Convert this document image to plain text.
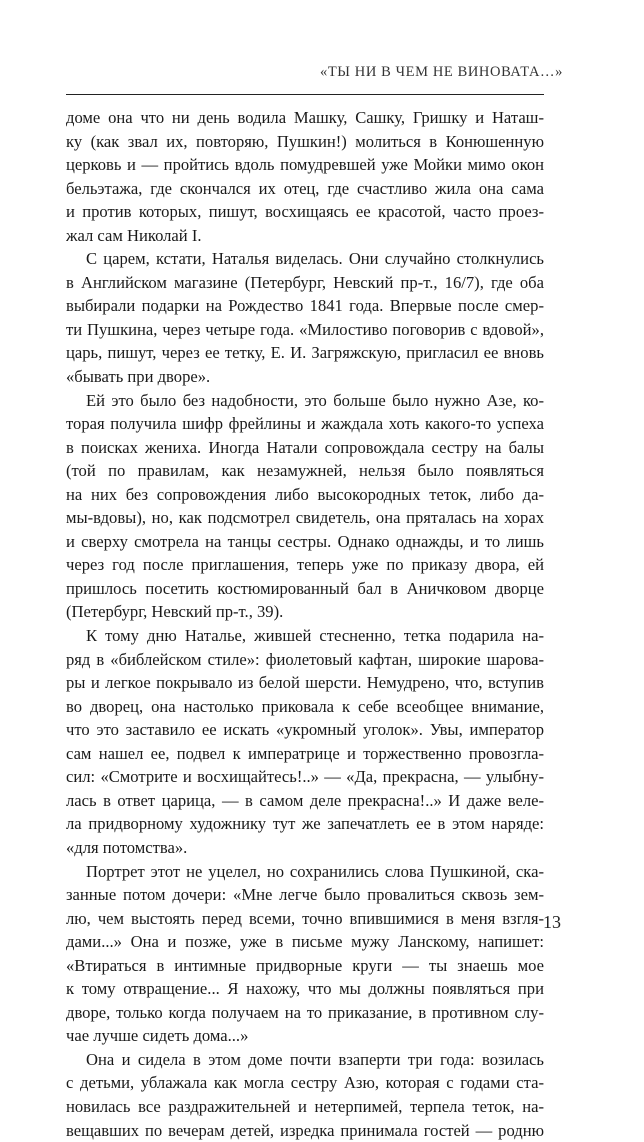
«ТЫ НИ В ЧЕМ НЕ ВИНОВАТА…»
доме она что ни день водила Машку, Сашку, Гришку и Наташ-
ку (как звал их, повторяю, Пушкин!) молиться в Конюшенную
церковь и — пройтись вдоль помудревшей уже Мойки мимо окон
бельэтажа, где скончался их отец, где счастливо жила она сама
и против которых, пишут, восхищаясь ее красотой, часто проез-
жал сам Николай I.
С царем, кстати, Наталья виделась. Они случайно столкнулись
в Английском магазине (Петербург, Невский пр-т., 16/7), где оба
выбирали подарки на Рождество 1841 года. Впервые после смер-
ти Пушкина, через четыре года. «Милостиво поговорив с вдовой»,
царь, пишут, через ее тетку, Е. И. Загряжскую, пригласил ее вновь
«бывать при дворе».
Ей это было без надобности, это больше было нужно Азе, ко-
торая получила шифр фрейлины и жаждала хоть какого-то успеха
в поисках женихa. Иногда Натали сопровождала сестру на балы
(той по правилам, как незамужней, нельзя было появляться
на них без сопровождения либо высокородных теток, либо да-
мы-вдовы), но, как подсмотрел свидетель, она пряталась на хорах
и сверху смотрела на танцы сестры. Однако однажды, и то лишь
через год после приглашения, теперь уже по приказу двора, ей
пришлось посетить костюмированный бал в Аничковом дворце
(Петербург, Невский пр-т., 39).
К тому дню Наталье, жившей стесненно, тетка подарила на-
ряд в «библейском стиле»: фиолетовый кафтан, широкие шарова-
ры и легкое покрывало из белой шерсти. Немудрено, что, вступив
во дворец, она настолько приковала к себе всеобщее внимание,
что это заставило ее искать «укромный уголок». Увы, император
сам нашел ее, подвел к императрице и торжественно провозгла-
сил: «Смотрите и восхищайтесь!..» — «Да, прекрасна, — улыбну-
лась в ответ царица, — в самом деле прекрасна!..» И даже веле-
ла придворному художнику тут же запечатлеть ее в этом наряде:
«для потомства».
Портрет этот не уцелел, но сохранились слова Пушкиной, ска-
занные потом дочери: «Мне легче было провалиться сквозь зем-
лю, чем выстоять перед всеми, точно впившимися в меня взгля-
дами...» Она и позже, уже в письме мужу Ланскому, напишет:
«Втираться в интимные придворные круги — ты знаешь мое
к тому отвращение... Я нахожу, что мы должны появляться при
дворе, только когда получаем на то приказание, в противном слу-
чае лучше сидеть дома...»
Она и сидела в этом доме почти взаперти три года: возилась
с детьми, ублажала как могла сестру Азю, которая с годами ста-
новилась все раздражительней и нетерпимей, терпела теток, на-
вещавших по вечерам детей, изредка принимала гостей — родню
13
